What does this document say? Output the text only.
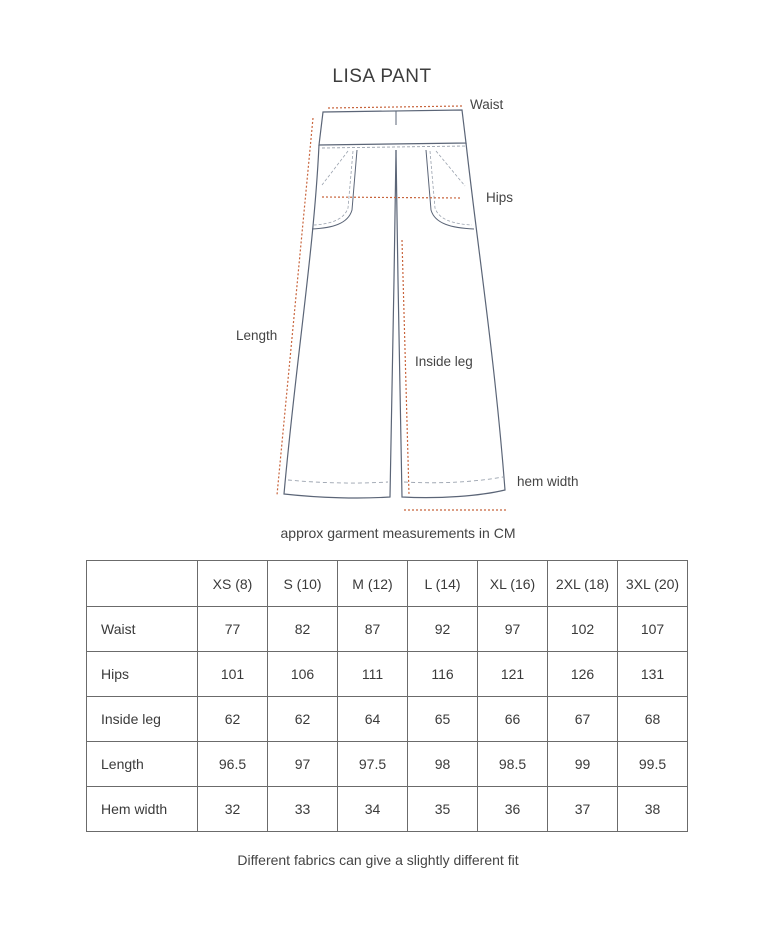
LISA PANT
Waist
Hips
Length
Inside leg
hem width
approx garment measurements in CM
	XS (8)	S (10)	M (12)	L (14)	XL (16)	2XL (18)	3XL (20)
Waist	77	82	87	92	97	102	107
Hips	101	106	111	116	121	126	131
Inside leg	62	62	64	65	66	67	68
Length	96.5	97	97.5	98	98.5	99	99.5
Hem width	32	33	34	35	36	37	38
Different fabrics can give a slightly different fit
